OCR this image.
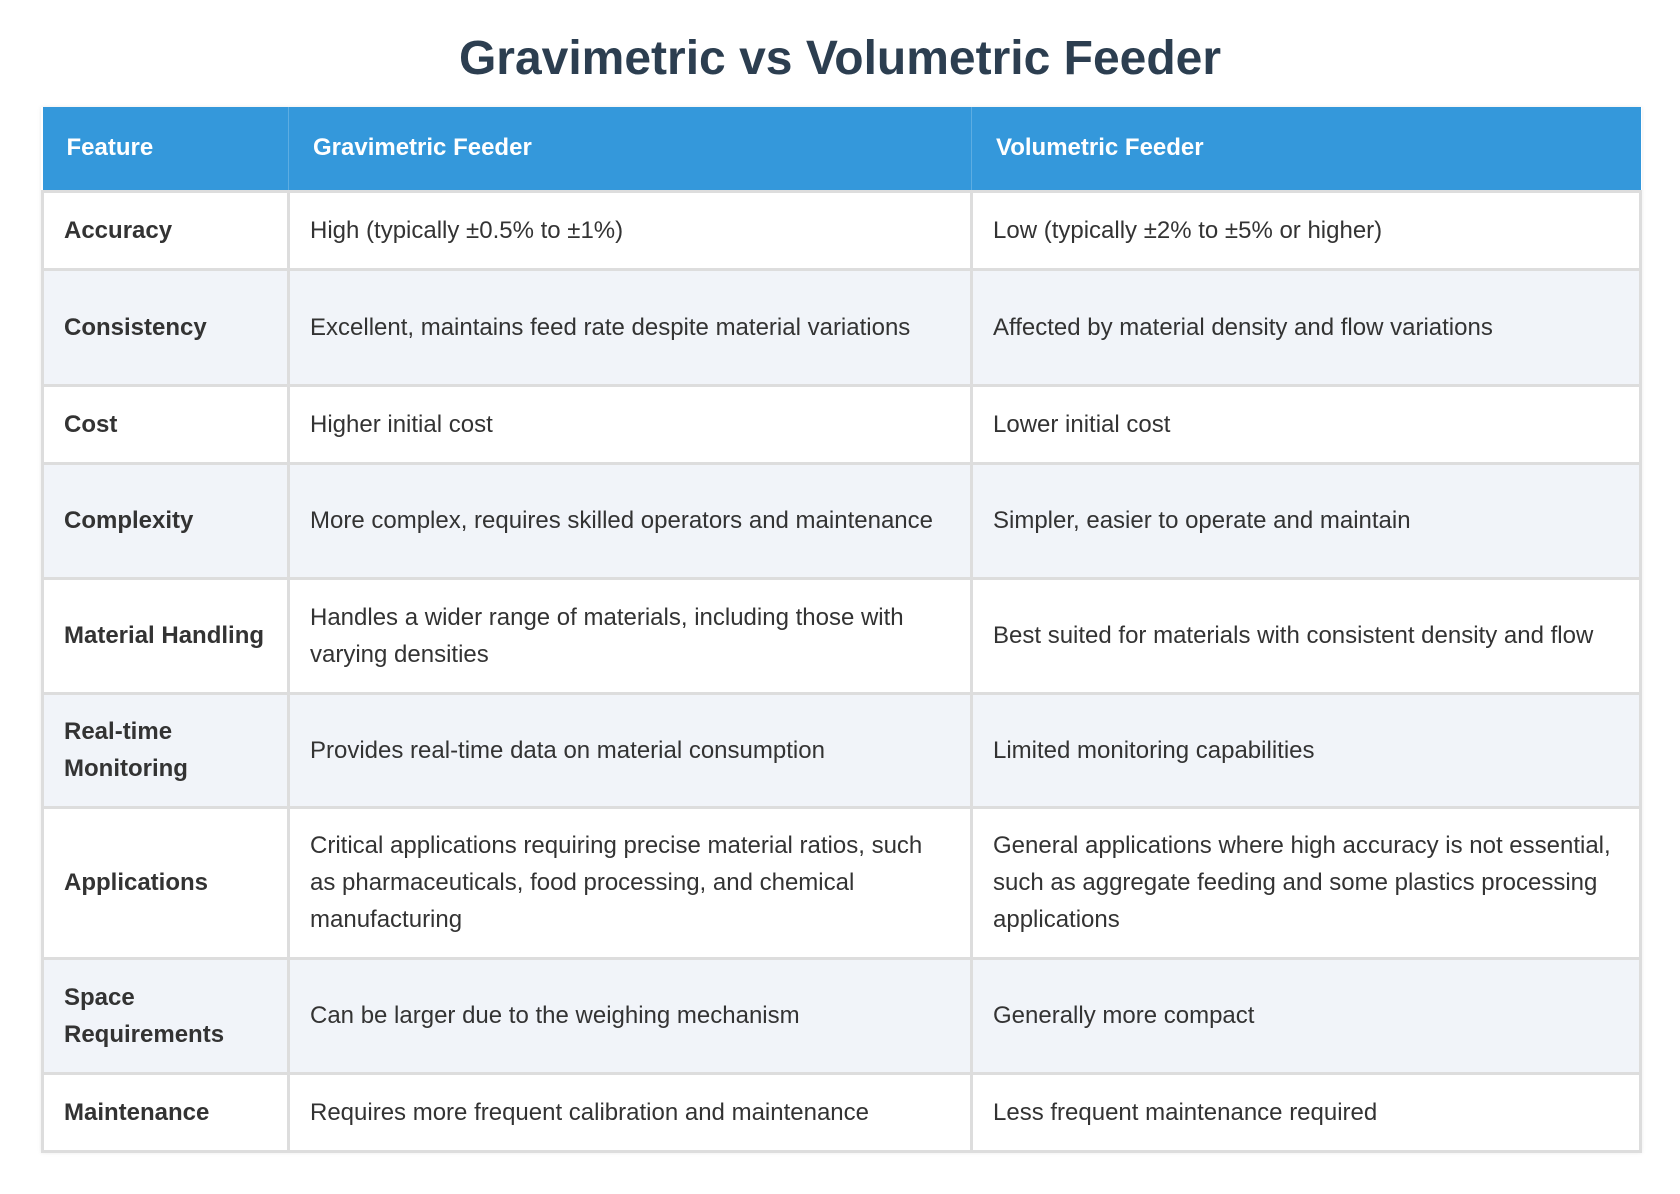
Gravimetric vs Volumetric Feeder
Feature	Gravimetric Feeder	Volumetric Feeder
Accuracy	High (typically ±0.5% to ±1%)	Low (typically ±2% to ±5% or higher)
Consistency	Excellent, maintains feed rate despite material variations	Affected by material density and flow variations
Cost	Higher initial cost	Lower initial cost
Complexity	More complex, requires skilled operators and maintenance	Simpler, easier to operate and maintain
Material Handling	Handles a wider range of materials, including those with varying densities	Best suited for materials with consistent density and flow
Real-time Monitoring	Provides real-time data on material consumption	Limited monitoring capabilities
Applications	Critical applications requiring precise material ratios, such as pharmaceuticals, food processing, and chemical manufacturing	General applications where high accuracy is not essential, such as aggregate feeding and some plastics processing applications
Space Requirements	Can be larger due to the weighing mechanism	Generally more compact
Maintenance	Requires more frequent calibration and maintenance	Less frequent maintenance required
